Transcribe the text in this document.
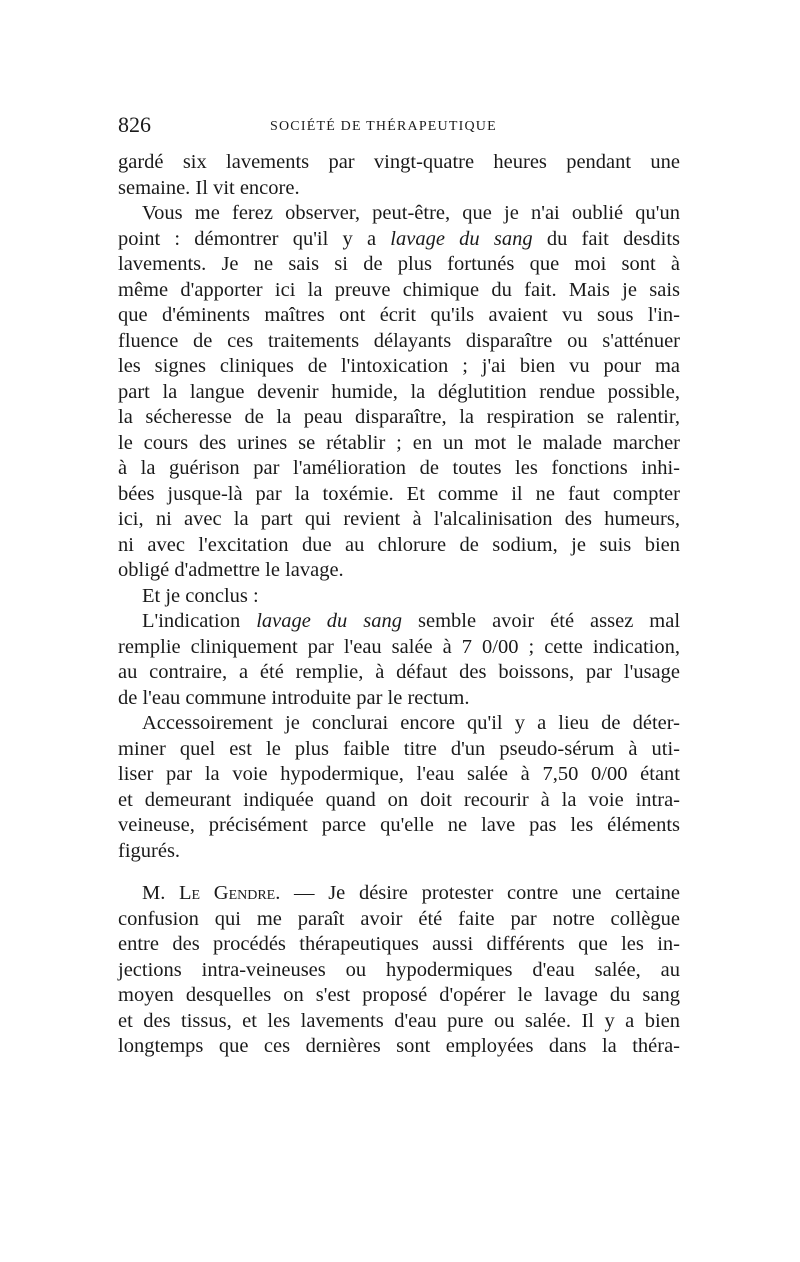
826	SOCIÉTÉ DE THÉRAPEUTIQUE
gardé six lavements par vingt-quatre heures pendant une
semaine. Il vit encore.
Vous me ferez observer, peut-être, que je n'ai oublié qu'un
point : démontrer qu'il y a lavage du sang du fait desdits
lavements. Je ne sais si de plus fortunés que moi sont à
même d'apporter ici la preuve chimique du fait. Mais je sais
que d'éminents maîtres ont écrit qu'ils avaient vu sous l'in-
fluence de ces traitements délayants disparaître ou s'atténuer
les signes cliniques de l'intoxication ; j'ai bien vu pour ma
part la langue devenir humide, la déglutition rendue possible,
la sécheresse de la peau disparaître, la respiration se ralentir,
le cours des urines se rétablir ; en un mot le malade marcher
à la guérison par l'amélioration de toutes les fonctions inhi-
bées jusque-là par la toxémie. Et comme il ne faut compter
ici, ni avec la part qui revient à l'alcalinisation des humeurs,
ni avec l'excitation due au chlorure de sodium, je suis bien
obligé d'admettre le lavage.
Et je conclus :
L'indication lavage du sang semble avoir été assez mal
remplie cliniquement par l'eau salée à 7 0/00 ; cette indication,
au contraire, a été remplie, à défaut des boissons, par l'usage
de l'eau commune introduite par le rectum.
Accessoirement je conclurai encore qu'il y a lieu de déter-
miner quel est le plus faible titre d'un pseudo-sérum à uti-
liser par la voie hypodermique, l'eau salée à 7,50 0/00 étant
et demeurant indiquée quand on doit recourir à la voie intra-
veineuse, précisément parce qu'elle ne lave pas les éléments
figurés.
M. Le Gendre. — Je désire protester contre une certaine
confusion qui me paraît avoir été faite par notre collègue
entre des procédés thérapeutiques aussi différents que les in-
jections intra-veineuses ou hypodermiques d'eau salée, au
moyen desquelles on s'est proposé d'opérer le lavage du sang
et des tissus, et les lavements d'eau pure ou salée. Il y a bien
longtemps que ces dernières sont employées dans la théra-
